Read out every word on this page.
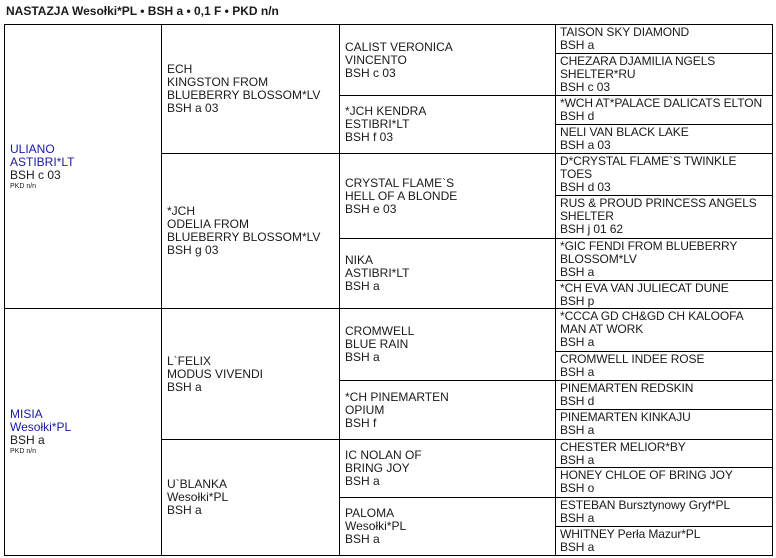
NASTAZJA Wesołki*PL • BSH a • 0,1 F • PKD n/n
ULIANO
ASTIBRI*LT
BSH c 03
PKD n/n
MISIA
Wesołki*PL
BSH a
PKD n/n
ECH
KINGSTON FROM
BLUEBERRY BLOSSOM*LV
BSH a 03
*JCH
ODELIA FROM
BLUEBERRY BLOSSOM*LV
BSH g 03
L`FELIX
MODUS VIVENDI
BSH a
U`BLANKA
Wesołki*PL
BSH a
CALIST VERONICA
VINCENTO
BSH c 03
*JCH KENDRA
ESTIBRI*LT
BSH f 03
CRYSTAL FLAME`S
HELL OF A BLONDE
BSH e 03
NIKA
ASTIBRI*LT
BSH a
CROMWELL
BLUE RAIN
BSH a
*CH PINEMARTEN
OPIUM
BSH f
IC NOLAN OF
BRING JOY
BSH a
PALOMA
Wesołki*PL
BSH a
TAISON SKY DIAMOND
BSH a
CHEZARA DJAMILIA NGELS
SHELTER*RU
BSH c 03
*WCH AT*PALACE DALICATS ELTON
BSH d
NELI VAN BLACK LAKE
BSH a 03
D*CRYSTAL FLAME`S TWINKLE
TOES
BSH d 03
RUS & PROUD PRINCESS ANGELS
SHELTER
BSH j 01 62
*GIC FENDI FROM BLUEBERRY
BLOSSOM*LV
BSH a
*CH EVA VAN JULIECAT DUNE
BSH p
*CCCA GD CH&GD CH KALOOFA
MAN AT WORK
BSH a
CROMWELL INDEE ROSE
BSH a
PINEMARTEN REDSKIN
BSH d
PINEMARTEN KINKAJU
BSH a
CHESTER MELIOR*BY
BSH a
HONEY CHLOE OF BRING JOY
BSH o
ESTEBAN Bursztynowy Gryf*PL
BSH a
WHITNEY Perła Mazur*PL
BSH a
